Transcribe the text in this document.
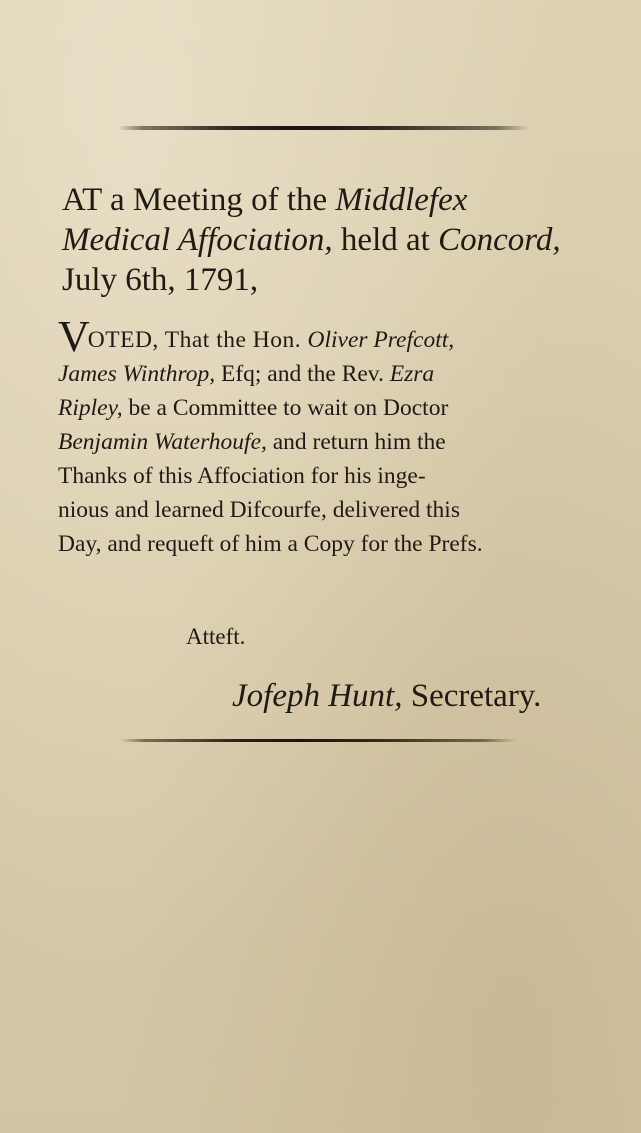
AT a Meeting of the Middlefex
Medical Affociation, held at Concord,
July 6th, 1791,
VOTED, That the Hon. Oliver Prefcott,
James Winthrop, Efq; and the Rev. Ezra
Ripley, be a Committee to wait on Doctor
Benjamin Waterhoufe, and return him the
Thanks of this Affociation for his inge-
nious and learned Difcourfe, delivered this
Day, and requeft of him a Copy for the Prefs.
Atteft.
Jofeph Hunt, Secretary.
